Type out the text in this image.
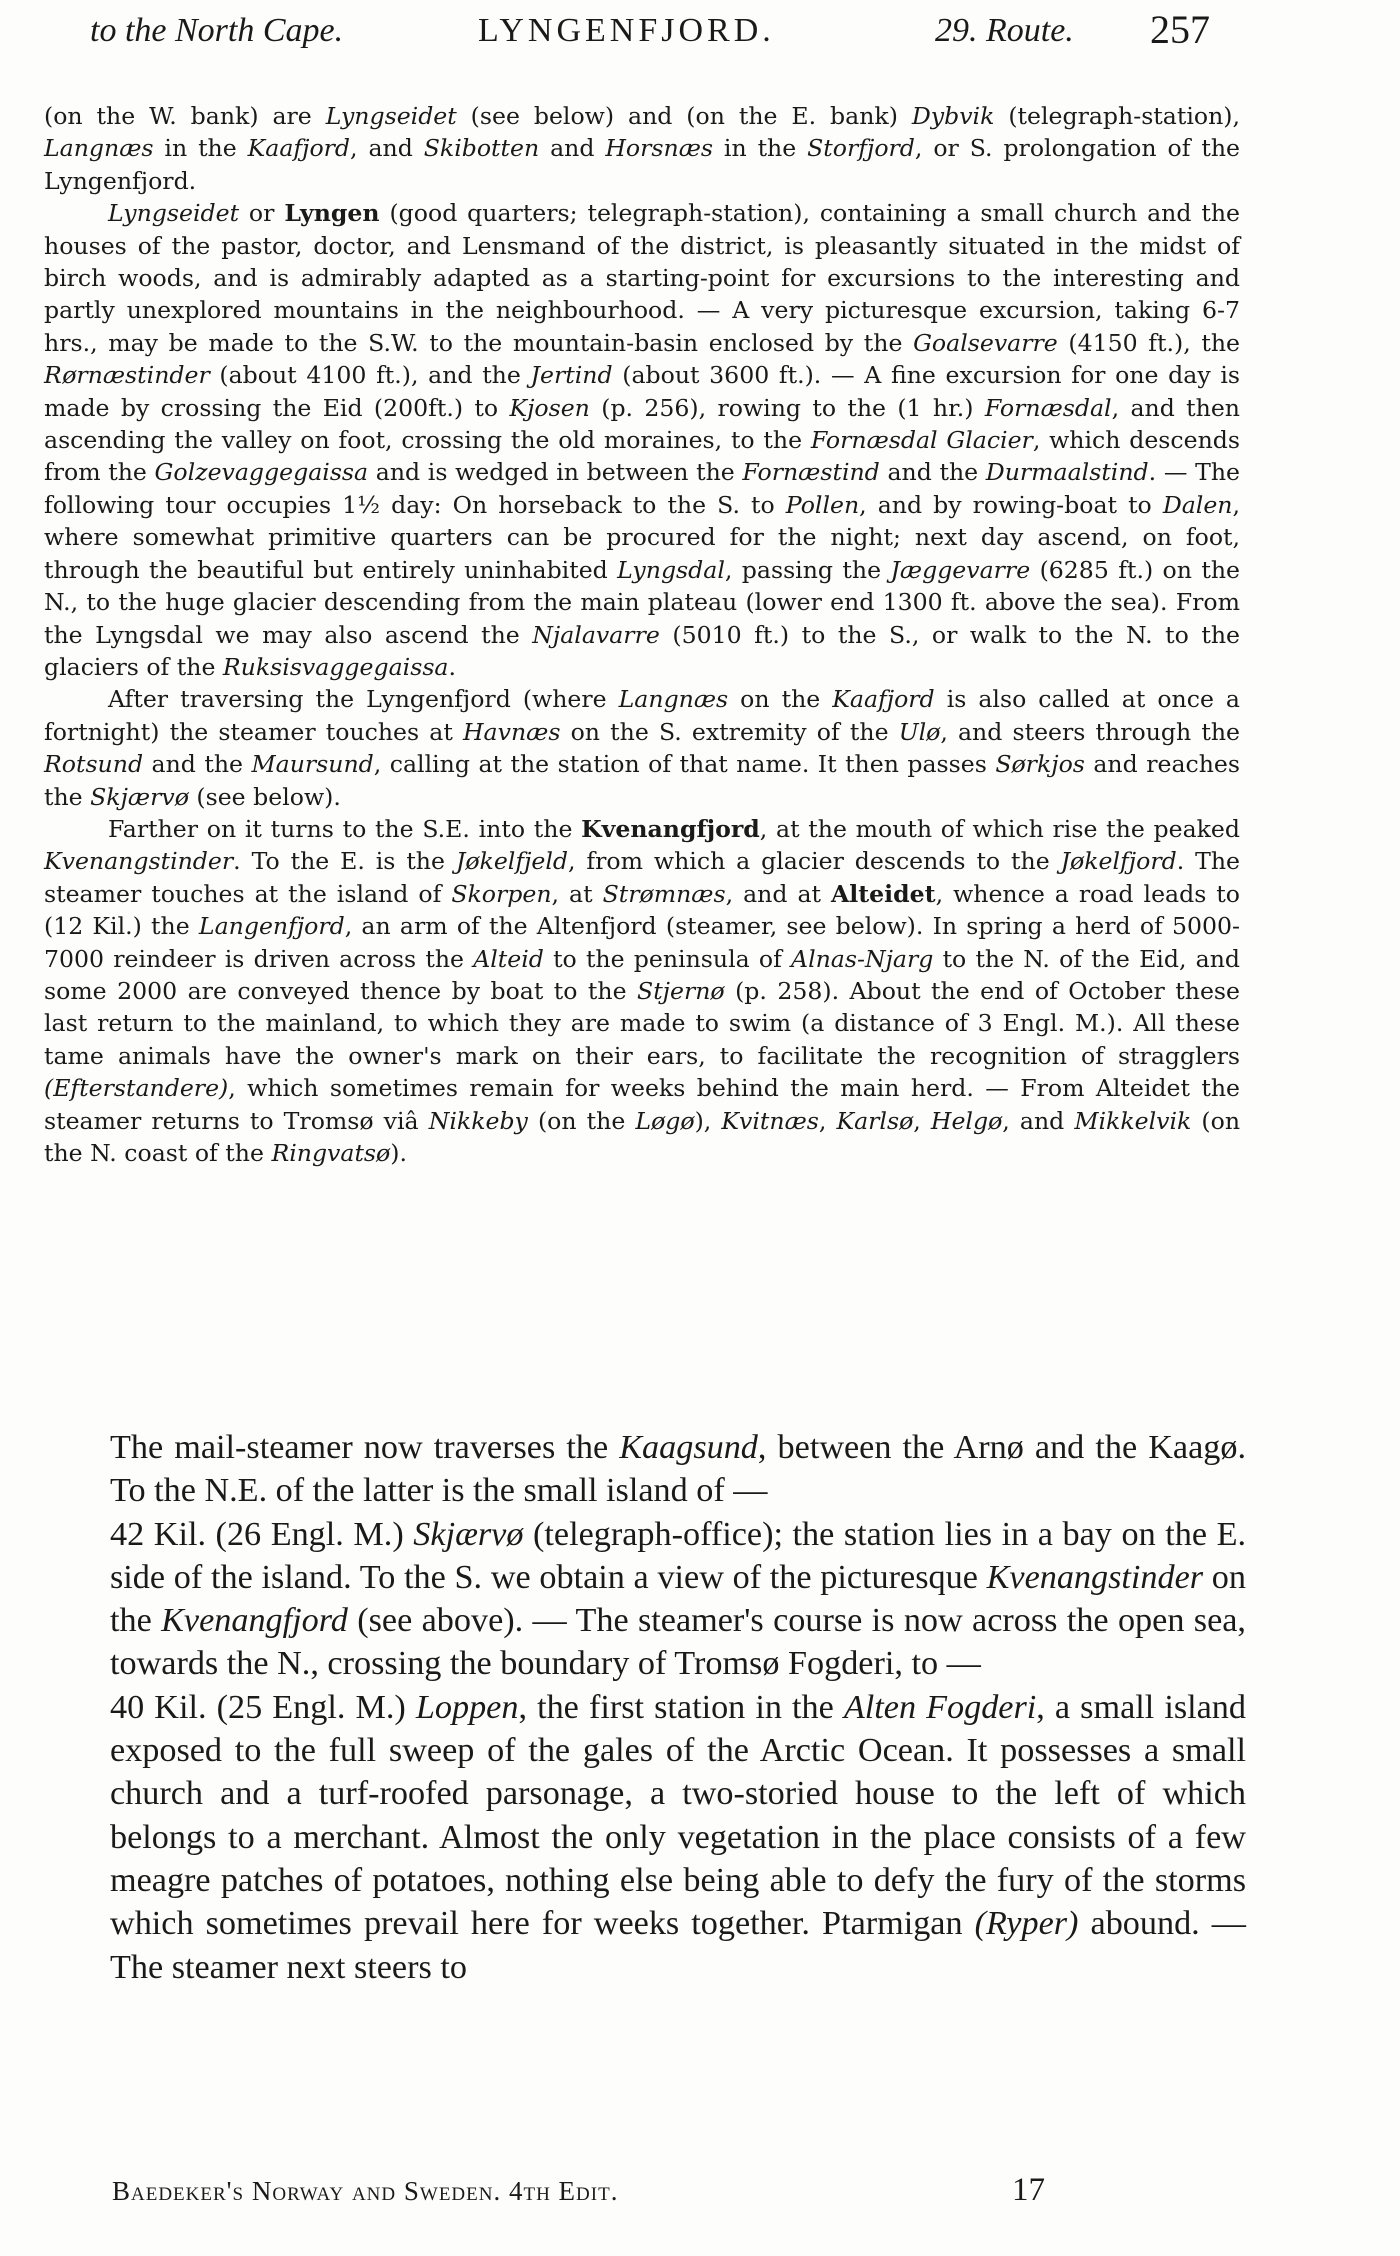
to the North Cape.	LYNGENFJORD.	29. Route. 257

(on the W. bank) are Lyngseidet (see below) and (on the E. bank) Dybvik (telegraph-station), Langnæs in the Kaafjord, and Skibotten and Horsnæs in the Storfjord, or S. prolongation of the Lyngenfjord.

Lyngseidet or Lyngen (good quarters; telegraph-station), containing a small church and the houses of the pastor, doctor, and Lensmand of the district, is pleasantly situated in the midst of birch woods, and is admirably adapted as a starting-point for excursions to the interesting and partly unexplored mountains in the neighbourhood. — A very picturesque excursion, taking 6-7 hrs., may be made to the S.W. to the mountain-basin enclosed by the Goalsevarre (4150 ft.), the Rørnæstinder (about 4100 ft.), and the Jertind (about 3600 ft.). — A fine excursion for one day is made by crossing the Eid (200ft.) to Kjosen (p. 256), rowing to the (1 hr.) Fornæsdal, and then ascending the valley on foot, crossing the old moraines, to the Fornæsdal Glacier, which descends from the Golzevaggegaissa and is wedged in between the Fornæstind and the Durmaalstind. — The following tour occupies 1½ day: On horseback to the S. to Pollen, and by rowing-boat to Dalen, where somewhat primitive quarters can be procured for the night; next day ascend, on foot, through the beautiful but entirely uninhabited Lyngsdal, passing the Jæggevarre (6285 ft.) on the N., to the huge glacier descending from the main plateau (lower end 1300 ft. above the sea). From the Lyngsdal we may also ascend the Njalavarre (5010 ft.) to the S., or walk to the N. to the glaciers of the Ruksisvaggegaissa.

After traversing the Lyngenfjord (where Langnæs on the Kaafjord is also called at once a fortnight) the steamer touches at Havnæs on the S. extremity of the Ulø, and steers through the Rotsund and the Maursund, calling at the station of that name. It then passes Sørkjos and reaches the Skjærvø (see below).

Farther on it turns to the S.E. into the Kvenangfjord, at the mouth of which rise the peaked Kvenangstinder. To the E. is the Jøkelfjeld, from which a glacier descends to the Jøkelfjord. The steamer touches at the island of Skorpen, at Strømnæs, and at Alteidet, whence a road leads to (12 Kil.) the Langenfjord, an arm of the Altenfjord (steamer, see below). In spring a herd of 5000-7000 reindeer is driven across the Alteid to the peninsula of Alnas-Njarg to the N. of the Eid, and some 2000 are conveyed thence by boat to the Stjernø (p. 258). About the end of October these last return to the mainland, to which they are made to swim (a distance of 3 Engl. M.). All these tame animals have the owner's mark on their ears, to facilitate the recognition of stragglers (Efterstandere), which sometimes remain for weeks behind the main herd. — From Alteidet the steamer returns to Tromsø viâ Nikkeby (on the Løgø), Kvitnæs, Karlsø, Helgø, and Mikkelvik (on the N. coast of the Ringvatsø).

The mail-steamer now traverses the Kaagsund, between the Arnø and the Kaagø. To the N.E. of the latter is the small island of —

42 Kil. (26 Engl. M.) Skjærvø (telegraph-office); the station lies in a bay on the E. side of the island. To the S. we obtain a view of the picturesque Kvenangstinder on the Kvenangfjord (see above). — The steamer's course is now across the open sea, towards the N., crossing the boundary of Tromsø Fogderi, to —

40 Kil. (25 Engl. M.) Loppen, the first station in the Alten Fogderi, a small island exposed to the full sweep of the gales of the Arctic Ocean. It possesses a small church and a turf-roofed parsonage, a two-storied house to the left of which belongs to a merchant. Almost the only vegetation in the place consists of a few meagre patches of potatoes, nothing else being able to defy the fury of the storms which sometimes prevail here for weeks together. Ptarmigan (Ryper) abound. — The steamer next steers to

Baedeker's Norway and Sweden. 4th Edit.	17
